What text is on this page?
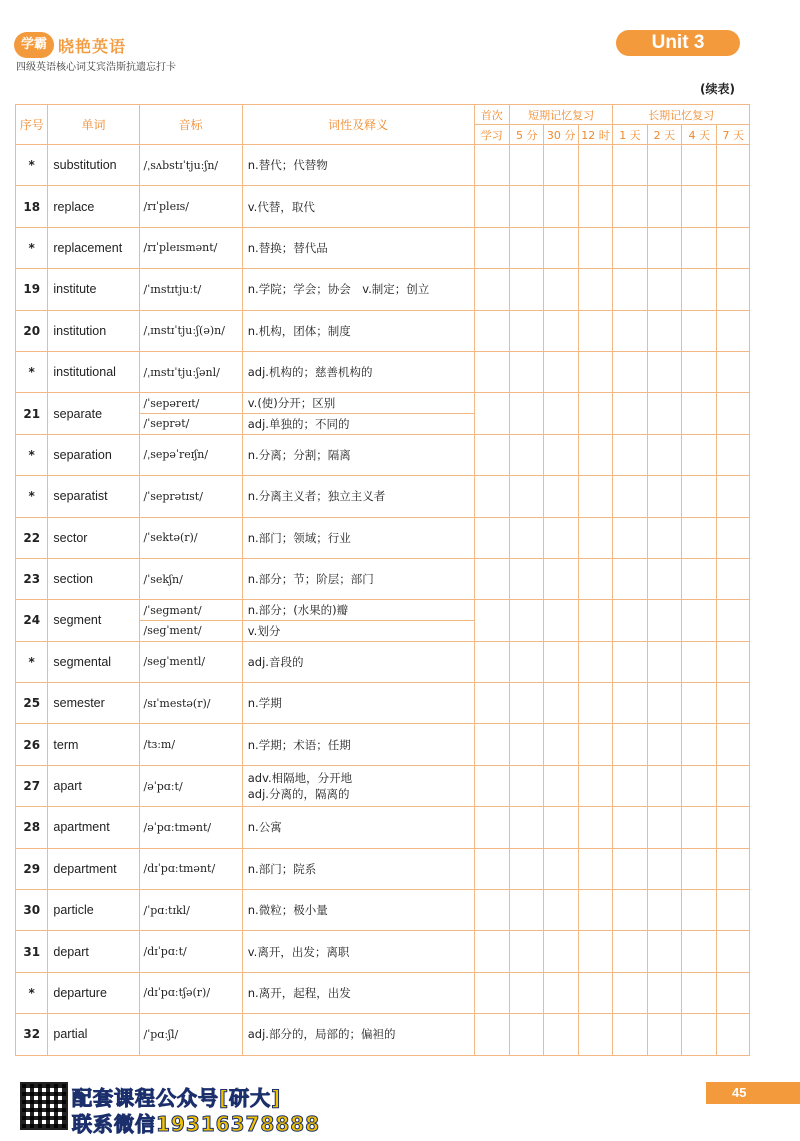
学霸 晓艳英语
四级英语核心词艾宾浩斯抗遗忘打卡
Unit 3
(续表)
序号	单词	音标	词性及释义	首次	短期记忆复习			长期记忆复习			
				学习	5 分	30 分	12 时	1 天	2 天	4 天	7 天
*	substitution	/ˌsʌbstɪˈtjuːʃn/	n.替代；代替物								

18	replace	/rɪˈpleɪs/	v.代替，取代								

*	replacement	/rɪˈpleɪsmənt/	n.替换；替代品								

19	institute	/ˈɪnstɪtjuːt/	n.学院；学会；协会　v.制定；创立								

20	institution	/ˌɪnstɪˈtjuːʃ(ə)n/	n.机构，团体；制度								

*	institutional	/ˌɪnstɪˈtjuːʃənl/	adj.机构的；慈善机构的								

21	separate	/ˈsepəreɪt/	v.(使)分开；区别								

		/ˈseprət/	adj.单独的；不同的								

*	separation	/ˌsepəˈreɪʃn/	n.分离；分割；隔离								

*	separatist	/ˈseprətɪst/	n.分离主义者；独立主义者								

22	sector	/ˈsektə(r)/	n.部门；领域；行业								

23	section	/ˈsekʃn/	n.部分；节；阶层；部门								

24	segment	/ˈseɡmənt/	n.部分；(水果的)瓣								

		/seɡˈment/	v.划分								

*	segmental	/seɡˈmentl/	adj.音段的								

25	semester	/sɪˈmestə(r)/	n.学期								

26	term	/tɜːm/	n.学期；术语；任期								

27	apart	/əˈpɑːt/	adv.相隔地，分开地
adj.分离的，隔离的								

28	apartment	/əˈpɑːtmənt/	n.公寓								

29	department	/dɪˈpɑːtmənt/	n.部门；院系								

30	particle	/ˈpɑːtɪkl/	n.微粒；极小量								

31	depart	/dɪˈpɑːt/	v.离开，出发；离职								

*	departure	/dɪˈpɑːtʃə(r)/	n.离开，起程，出发								

32	partial	/ˈpɑːʃl/	adj.部分的，局部的；偏袒的								

配套课程公众号[研大]
联系微信19316378888
45
